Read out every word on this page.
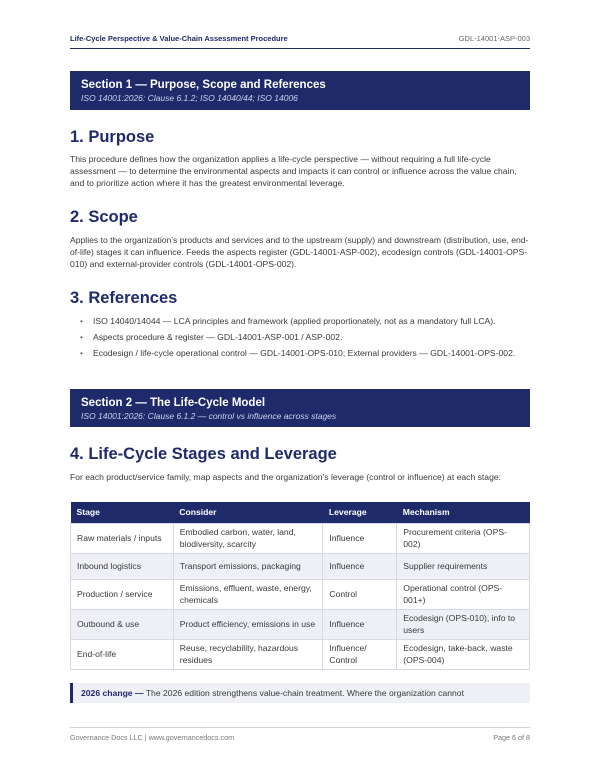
Life-Cycle Perspective & Value-Chain Assessment Procedure	GDL-14001-ASP-003
Section 1 — Purpose, Scope and References
ISO 14001:2026: Clause 6.1.2; ISO 14040/44; ISO 14006
1. Purpose

This procedure defines how the organization applies a life-cycle perspective — without requiring a full life-cycle assessment — to determine the environmental aspects and impacts it can control or influence across the value chain, and to prioritize action where it has the greatest environmental leverage.

2. Scope

Applies to the organization’s products and services and to the upstream (supply) and downstream (distribution, use, end-of-life) stages it can influence. Feeds the aspects register (GDL-14001-ASP-002), ecodesign controls (GDL-14001-OPS-010) and external-provider controls (GDL-14001-OPS-002).

3. References
• ISO 14040/14044 — LCA principles and framework (applied proportionately, not as a mandatory full LCA).
• Aspects procedure & register — GDL-14001-ASP-001 / ASP-002.
• Ecodesign / life-cycle operational control — GDL-14001-OPS-010; External providers — GDL-14001-OPS-002.
Section 2 — The Life-Cycle Model
ISO 14001:2026: Clause 6.1.2 — control vs influence across stages
4. Life-Cycle Stages and Leverage

For each product/service family, map aspects and the organization’s leverage (control or influence) at each stage:

Stage	Consider	Leverage	Mechanism
Raw materials / inputs	Embodied carbon, water, land, biodiversity, scarcity	Influence	Procurement criteria (OPS-002)
Inbound logistics	Transport emissions, packaging	Influence	Supplier requirements
Production / service	Emissions, effluent, waste, energy, chemicals	Control	Operational control (OPS-001+)
Outbound & use	Product efficiency, emissions in use	Influence	Ecodesign (OPS-010), info to users
End-of-life	Reuse, recyclability, hazardous residues	Influence/ Control	Ecodesign, take-back, waste (OPS-004)
2026 change — The 2026 edition strengthens value-chain treatment. Where the organization cannot
Governance Docs LLC | www.governancedocs.com	Page 6 of 8
